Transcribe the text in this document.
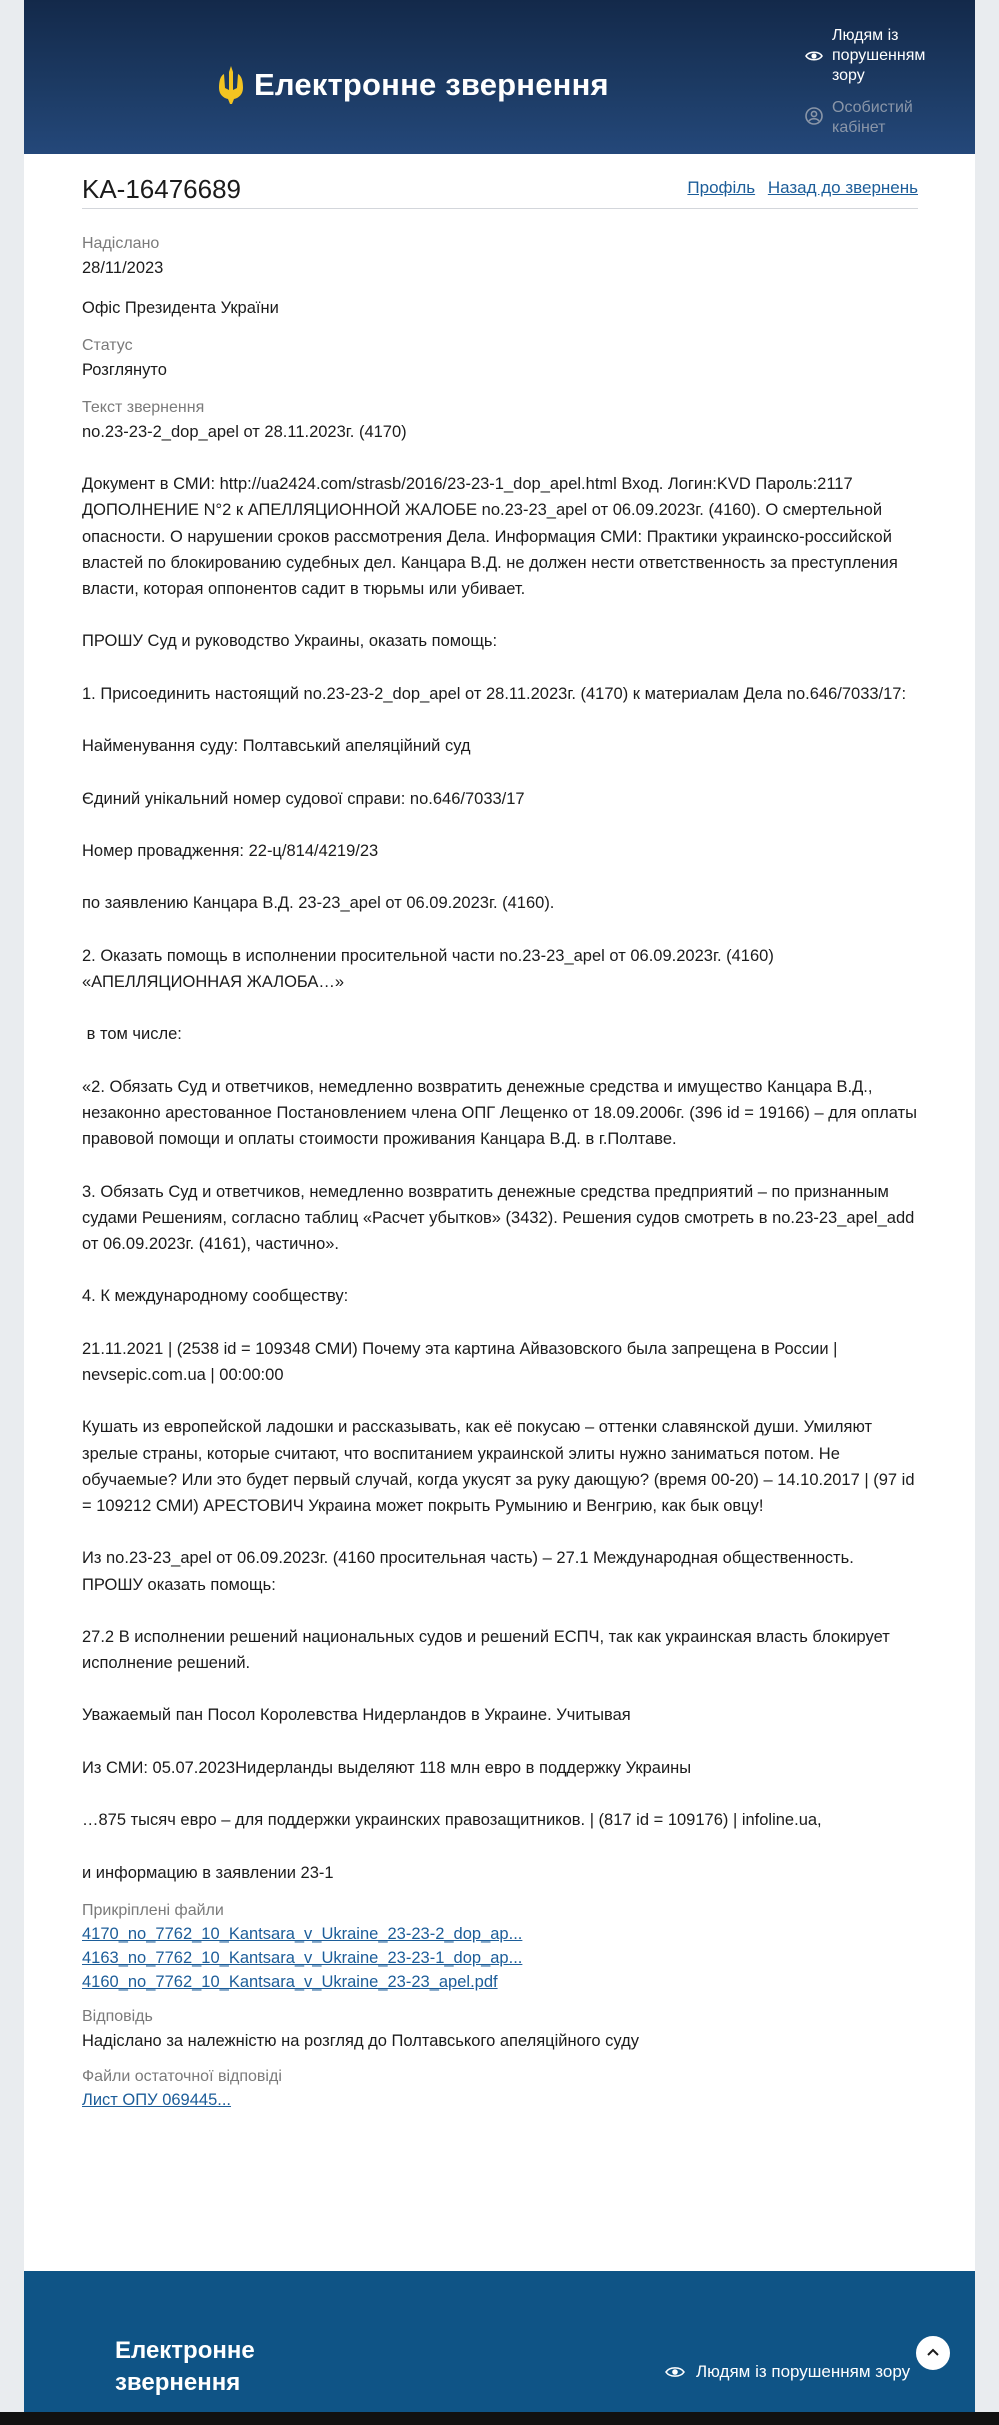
Електронне звернення
Людям із порушенням зору
Особистий кабінет
KA-16476689	Профіль Назад до звернень
Надіслано
28/11/2023
Офіс Президента України
Статус
Розглянуто
Текст звернення
no.23-23-2_dop_apel от 28.11.2023г. (4170)

Документ в СМИ: http://ua2424.com/strasb/2016/23-23-1_dop_apel.html Вход. Логин:KVD Пароль:2117 ДОПОЛНЕНИЕ N°2 к АПЕЛЛЯЦИОННОЙ ЖАЛОБЕ no.23-23_apel от 06.09.2023г. (4160). О смертельной опасности. О нарушении сроков рассмотрения Дела. Информация СМИ: Практики украинско-российской властей по блокированию судебных дел. Канцара В.Д. не должен нести ответственность за преступления власти, которая оппонентов садит в тюрьмы или убивает.

ПРОШУ Суд и руководство Украины, оказать помощь:

1. Присоединить настоящий no.23-23-2_dop_apel от 28.11.2023г. (4170) к материалам Дела no.646/7033/17:

Найменування суду: Полтавський апеляційний суд

Єдиний унікальний номер судової справи: no.646/7033/17

Номер провадження: 22-ц/814/4219/23

по заявлению Канцара В.Д. 23-23_apel от 06.09.2023г. (4160).

2. Оказать помощь в исполнении просительной части no.23-23_apel от 06.09.2023г. (4160) «АПЕЛЛЯЦИОННАЯ ЖАЛОБА…»

в том числе:

«2. Обязать Суд и ответчиков, немедленно возвратить денежные средства и имущество Канцара В.Д., незаконно арестованное Постановлением члена ОПГ Лещенко от 18.09.2006г. (396 id = 19166) – для оплаты правовой помощи и оплаты стоимости проживания Канцара В.Д. в г.Полтаве.

3. Обязать Суд и ответчиков, немедленно возвратить денежные средства предприятий – по признанным судами Решениям, согласно таблиц «Расчет убытков» (3432). Решения судов смотреть в no.23-23_apel_add от 06.09.2023г. (4161), частично».

4. К международному сообществу:

21.11.2021 | (2538 id = 109348 СМИ) Почему эта картина Айвазовского была запрещена в России | nevsepic.com.ua | 00:00:00

Кушать из европейской ладошки и рассказывать, как её покусаю – оттенки славянской души. Умиляют зрелые страны, которые считают, что воспитанием украинской элиты нужно заниматься потом. Не обучаемые? Или это будет первый случай, когда укусят за руку дающую? (время 00-20) – 14.10.2017 | (97 id = 109212 СМИ) АРЕСТОВИЧ Украина может покрыть Румынию и Венгрию, как бык овцу!

Из no.23-23_apel от 06.09.2023г. (4160 просительная часть) – 27.1 Международная общественность. ПРОШУ оказать помощь:

27.2 В исполнении решений национальных судов и решений ЕСПЧ, так как украинская власть блокирует исполнение решений.

Уважаемый пан Посол Королевства Нидерландов в Украине. Учитывая

Из СМИ: 05.07.2023Нидерланды выделяют 118 млн евро в поддержку Украины

…875 тысяч евро – для поддержки украинских правозащитников. | (817 id = 109176) | infoline.ua,

и информацию в заявлении 23-1

Прикріплені файли
4170_no_7762_10_Kantsara_v_Ukraine_23-23-2_dop_ap...
4163_no_7762_10_Kantsara_v_Ukraine_23-23-1_dop_ap...
4160_no_7762_10_Kantsara_v_Ukraine_23-23_apel.pdf
Відповідь
Надіслано за належністю на розгляд до Полтавського апеляційного суду
Файли остаточної відповіді
Лист ОПУ 069445...
Електронне звернення	Людям із порушенням зору
